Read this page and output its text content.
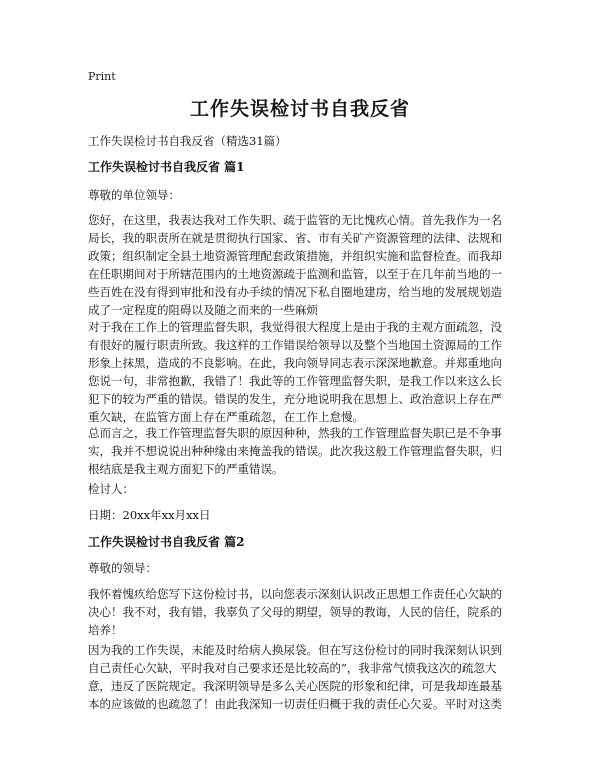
Print
工作失误检讨书自我反省
工作失误检讨书自我反省（精选31篇）
工作失误检讨书自我反省 篇1
尊敬的单位领导：
您好，在这里，我表达我对工作失职、疏于监管的无比愧疚心情。首先我作为一名
局长，我的职责所在就是贯彻执行国家、省、市有关矿产资源管理的法律、法规和
政策；组织制定全县土地资源管理配套政策措施，并组织实施和监督检查。而我却
在任职期间对于所辖范围内的土地资源疏于监测和监管，以至于在几年前当地的一
些百姓在没有得到审批和没有办手续的情况下私自圈地建房，给当地的发展规划造
成了一定程度的阻碍以及随之而来的一些麻烦
对于我在工作上的管理监督失职，我觉得很大程度上是由于我的主观方面疏忽，没
有很好的履行职责所致。我这样的工作错误给领导以及整个当地国土资源局的工作
形象上抹黑，造成的不良影响。在此，我向领导同志表示深深地歉意。并郑重地向
您说一句，非常抱歉，我错了！我此等的工作管理监督失职，是我工作以来这么长
犯下的较为严重的错误。错误的发生，充分地说明我在思想上、政治意识上存在严
重欠缺，在监管方面上存在严重疏忽，在工作上怠慢。
总而言之，我工作管理监督失职的原因种种，然我的工作管理监督失职已是不争事
实，我并不想说说出种种缘由来掩盖我的错误。此次我这般工作管理监督失职，归
根结底是我主观方面犯下的严重错误。
检讨人：
日期：20xx年xx月xx日
工作失误检讨书自我反省 篇2
尊敬的领导：
我怀着愧疚给您写下这份检讨书，以向您表示深刻认识改正思想工作责任心欠缺的
决心！我不对，我有错，我辜负了父母的期望，领导的教诲，人民的信任，院系的
培养！
因为我的工作失误，未能及时给病人换尿袋。但在写这份检讨的同时我深刻认识到
自己责任心欠缺，平时我对自己要求还是比较高的”，我非常气愤我这次的疏忽大
意，违反了医院规定。我深明领导是多么关心医院的形象和纪律，可是我却连最基
本的应该做的也疏忽了！由此我深知一切责任归概于我的责任心欠妥。平时对这类
